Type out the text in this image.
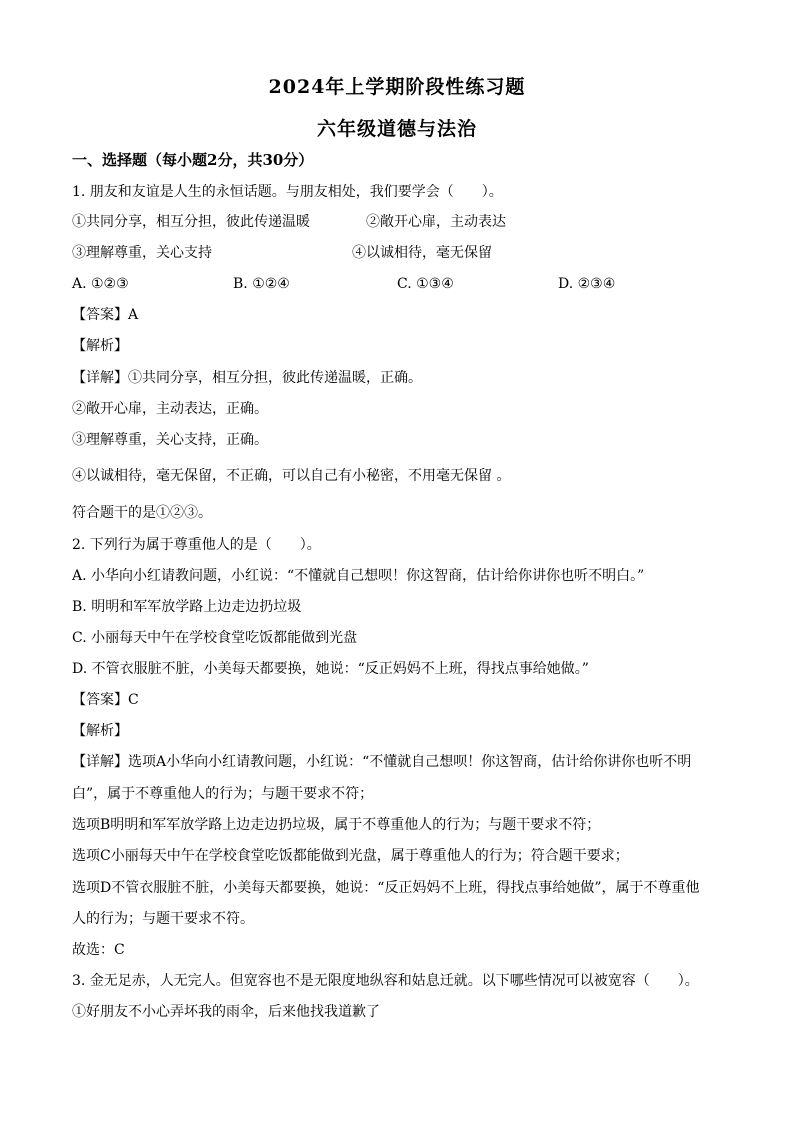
2024年上学期阶段性练习题
六年级道德与法治
一、选择题（每小题2分，共30分）
1. 朋友和友谊是人生的永恒话题。与朋友相处，我们要学会（　　）。
①共同分享，相互分担，彼此传递温暖	②敞开心扉，主动表达
③理解尊重，关心支持	④以诚相待，毫无保留
A. ①②③	B. ①②④	C. ①③④	D. ②③④
【答案】A
【解析】
【详解】①共同分享，相互分担，彼此传递温暖，正确。
②敞开心扉，主动表达，正确。
③理解尊重，关心支持，正确。
④以诚相待，毫无保留，不正确，可以自己有小秘密，不用毫无保留 。
符合题干的是①②③。
2. 下列行为属于尊重他人的是（　　）。
A. 小华向小红请教问题，小红说：“不懂就自己想呗！你这智商，估计给你讲你也听不明白。”
B. 明明和军军放学路上边走边扔垃圾
C. 小丽每天中午在学校食堂吃饭都能做到光盘
D. 不管衣服脏不脏，小美每天都要换，她说：“反正妈妈不上班，得找点事给她做。”
【答案】C
【解析】
【详解】选项A小华向小红请教问题，小红说：“不懂就自己想呗！你这智商，估计给你讲你也听不明
白”，属于不尊重他人的行为；与题干要求不符；
选项B明明和军军放学路上边走边扔垃圾，属于不尊重他人的行为；与题干要求不符；
选项C小丽每天中午在学校食堂吃饭都能做到光盘，属于尊重他人的行为；符合题干要求；
选项D不管衣服脏不脏，小美每天都要换，她说：“反正妈妈不上班，得找点事给她做”，属于不尊重他
人的行为；与题干要求不符。
故选：C
3. 金无足赤，人无完人。但宽容也不是无限度地纵容和姑息迁就。以下哪些情况可以被宽容（　　）。
①好朋友不小心弄坏我的雨伞，后来他找我道歉了
